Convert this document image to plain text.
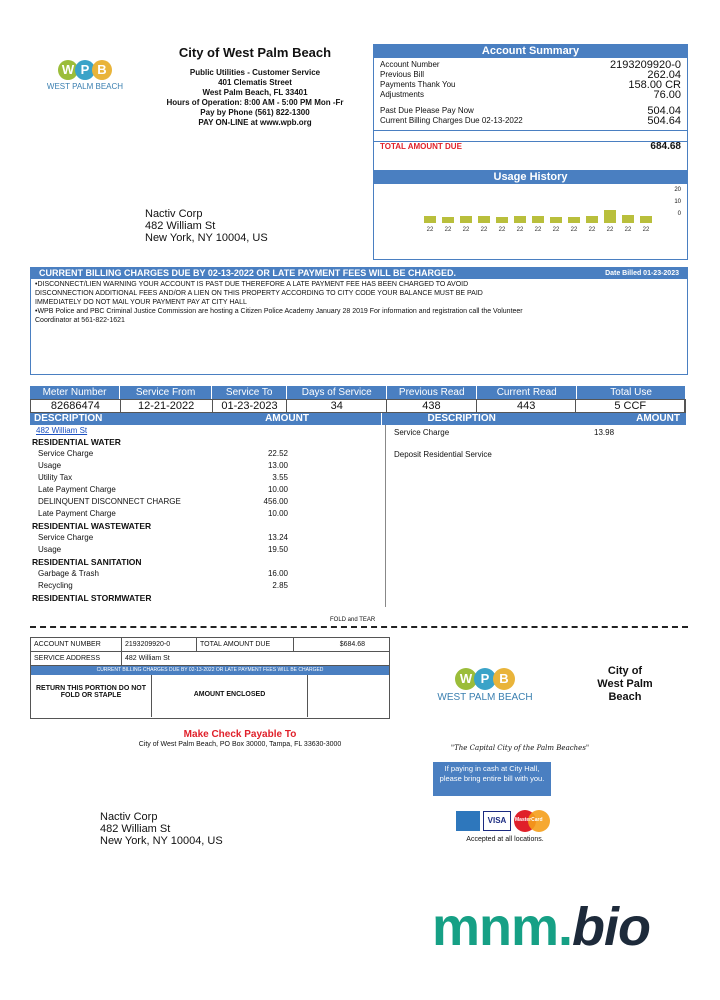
W P B
WEST PALM BEACH
City of West Palm Beach
Public Utilities - Customer Service
401 Clematis Street
West Palm Beach, FL 33401
Hours of Operation: 8:00 AM - 5:00 PM Mon -Fr
Pay by Phone (561) 822-1300
PAY ON-LINE at www.wpb.org
Nactiv Corp
482 William St
New York, NY 10004, US
Account Summary
Account Number	2193209920-0
Previous Bill	262.04
Payments Thank You	158.00 CR
Adjustments	76.00
Past Due Please Pay Now	504.04
Current Billing Charges Due 02-13-2022	504.64
TOTAL AMOUNT DUE	684.68
Usage History
20
10
0
22	22	22	22	22	22	22	22	22	22	22	22	22
CURRENT BILLING CHARGES DUE BY 02-13-2022 OR LATE PAYMENT FEES WILL BE CHARGED.	Date Billed 01-23-2023
•DISCONNECT/LIEN WARNING YOUR ACCOUNT IS PAST DUE THEREFORE A LATE PAYMENT FEE HAS BEEN CHARGED TO AVOID
DISCONNECTION ADDITIONAL FEES AND/OR A LIEN ON THIS PROPERTY ACCORDING TO CITY CODE YOUR BALANCE MUST BE PAID
IMMEDIATELY DO NOT MAIL YOUR PAYMENT PAY AT CITY HALL
•WPB Police and PBC Criminal Justice Commission are hosting a Citizen Police Academy January 28 2019 For information and registration call the Volunteer
Coordinator at 561-822-1621
Meter Number	Service From	Service To	Days of Service	Previous Read	Current Read	Total Use
82686474	12-21-2022	01-23-2023	34	438	443	5 CCF
DESCRIPTION	AMOUNT	DESCRIPTION	AMOUNT
482 William St
RESIDENTIAL WATER
Service Charge	22.52
Usage	13.00
Utility Tax	3.55
Late Payment Charge	10.00
DELINQUENT DISCONNECT CHARGE	456.00
Late Payment Charge	10.00
RESIDENTIAL WASTEWATER
Service Charge	13.24
Usage	19.50
RESIDENTIAL SANITATION
Garbage & Trash	16.00
Recycling	2.85
RESIDENTIAL STORMWATER
Service Charge	13.98
Deposit Residential Service
FOLD and TEAR
ACCOUNT NUMBER	2193209920-0	TOTAL AMOUNT DUE	$684.68
SERVICE ADDRESS	482 William St
CURRENT BILLING CHARGES DUE BY 02-13-2022 OR LATE PAYMENT FEES WILL BE CHARGED
RETURN THIS PORTION DO NOT FOLD OR STAPLE	AMOUNT ENCLOSED
Make Check Payable To
City of West Palm Beach, PO Box 30000, Tampa, FL 33630-3000
W P B
WEST PALM BEACH
City of
West Palm Beach
"The Capital City of the Palm Beaches"
If paying in cash at City Hall, please bring entire bill with you.
VISA	MasterCard
Accepted at all locations.
Nactiv Corp
482 William St
New York, NY 10004, US
mnm.bio
